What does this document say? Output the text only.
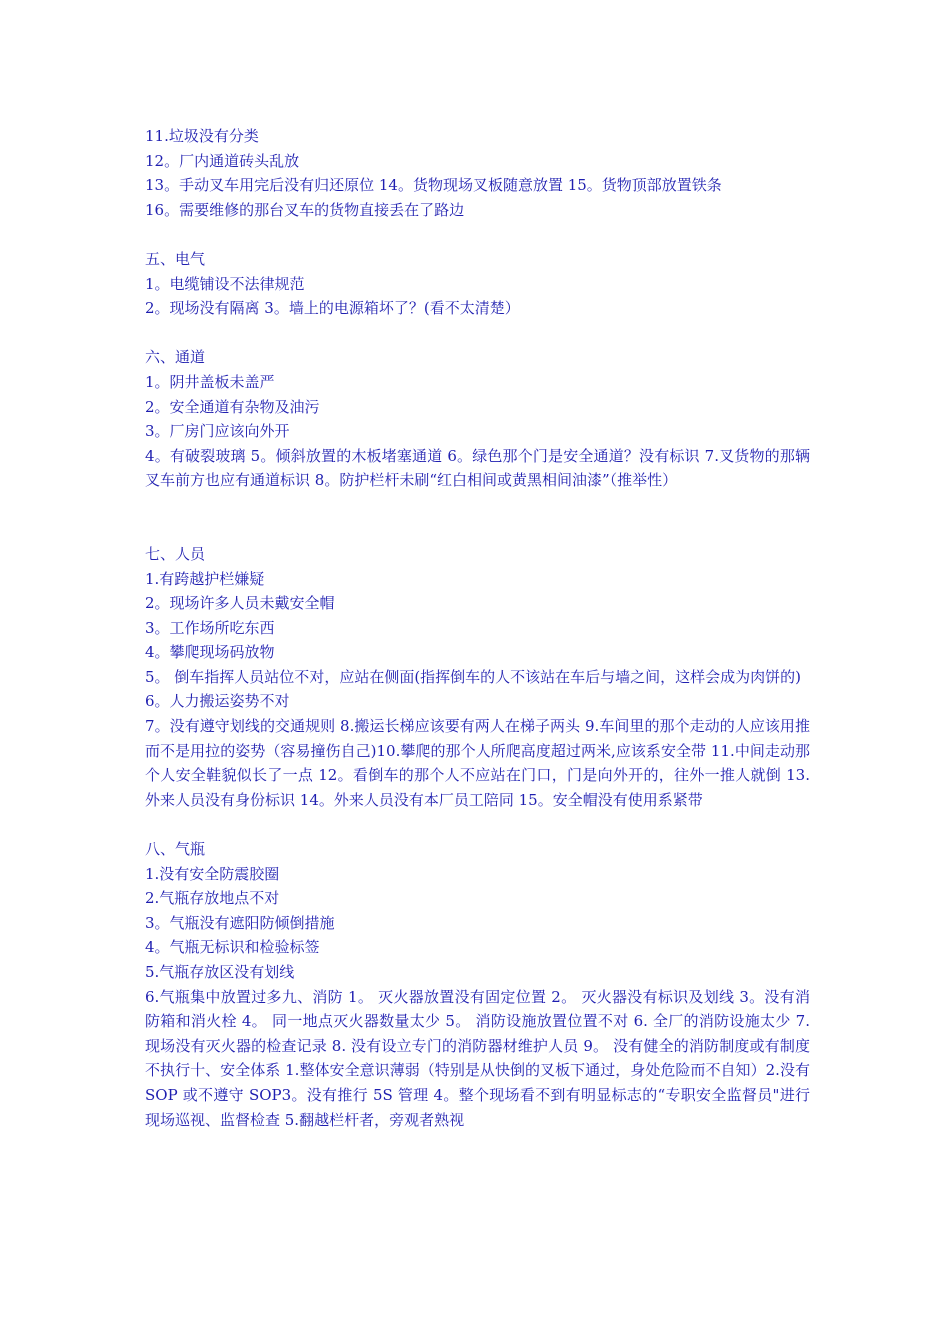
11.垃圾没有分类

12。厂内通道砖头乱放

13。手动叉车用完后没有归还原位 14。货物现场叉板随意放置 15。货物顶部放置铁条

16。需要维修的那台叉车的货物直接丢在了路边

五、电气

1。电缆铺设不法律规范

2。现场没有隔离 3。墙上的电源箱坏了？(看不太清楚）

六、通道

1。阴井盖板未盖严

2。安全通道有杂物及油污

3。厂房门应该向外开

4。有破裂玻璃 5。倾斜放置的木板堵塞通道 6。绿色那个门是安全通道？没有标识 7.叉货物的那辆叉车前方也应有通道标识 8。防护栏杆未刷“红白相间或黄黑相间油漆”（推举性）

七、人员

1.有跨越护栏嫌疑

2。现场许多人员未戴安全帽

3。工作场所吃东西

4。攀爬现场码放物

5。 倒车指挥人员站位不对，应站在侧面(指挥倒车的人不该站在车后与墙之间，这样会成为肉饼的)

6。人力搬运姿势不对

7。没有遵守划线的交通规则 8.搬运长梯应该要有两人在梯子两头 9.车间里的那个走动的人应该用推而不是用拉的姿势（容易撞伤自己)10.攀爬的那个人所爬高度超过两米,应该系安全带 11.中间走动那个人安全鞋貌似长了一点 12。看倒车的那个人不应站在门口，门是向外开的，往外一推人就倒 13.外来人员没有身份标识 14。外来人员没有本厂员工陪同 15。安全帽没有使用系紧带

八、气瓶

1.没有安全防震胶圈

2.气瓶存放地点不对

3。气瓶没有遮阳防倾倒措施

4。气瓶无标识和检验标签

5.气瓶存放区没有划线

6.气瓶集中放置过多九、消防 1。 灭火器放置没有固定位置 2。 灭火器没有标识及划线 3。没有消防箱和消火栓 4。 同一地点灭火器数量太少 5。 消防设施放置位置不对 6. 全厂的消防设施太少 7. 现场没有灭火器的检查记录 8. 没有设立专门的消防器材维护人员 9。 没有健全的消防制度或有制度不执行十、安全体系 1.整体安全意识薄弱（特别是从快倒的叉板下通过，身处危险而不自知）2.没有 SOP 或不遵守 SOP3。没有推行 5S 管理 4。整个现场看不到有明显标志的“专职安全监督员"进行现场巡视、监督检查 5.翻越栏杆者，旁观者熟视
